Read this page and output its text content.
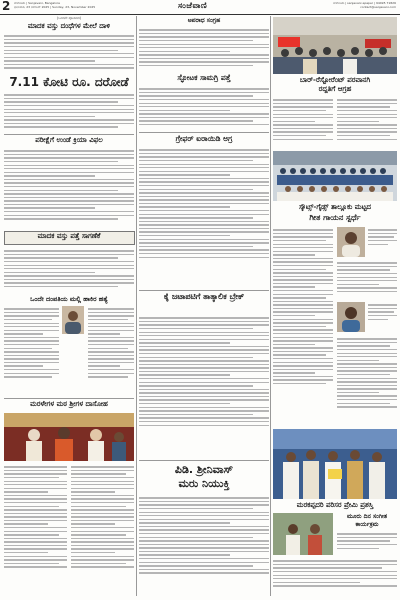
2 ಬೆಂಗಳೂರು | Sanjevani, Bangalore
ಭಾನುವಾರ, 23 ನವೆಂಬರ್ 2025 | Sunday, 23, November 2025	ಸಂಜೆವಾಣಿ	ಬೆಂಗಳೂರು | sanjevani epaper | 94495 71826
contact@sanjevani.com
(ಒಂದನೇ ಪುಟದಿಂದ)
ಮಾದಕ ವಸ್ತು ದಂಧೆಗಳ ಮೇಲೆ ದಾಳಿ
7.11 ಕೋಟಿ ರೂ. ದರೋಡೆ
ಪರೀಕ್ಷೆಗೆ ಉಂಡೆ ಕ್ರಿಯಾ ವಿಫಲ
ಮಾದಕ ವಸ್ತು ಪತ್ತೆ ಸಾಗಣೆಕೆ
ಒಂದೇ ದಂಪತಿಯ ಮಲ್ಲಿ ಹಾಕಿರ ಹತ್ಯೆ
ಮರಳೇಗಳ ಮಠ ಶ್ರೀಗಳ ದಾಸೋಹ
ಅಪರಾಧ ಸಂಗ್ರಹ
ಸ್ಫೋಟಕ ಸಾಮಗ್ರಿ ಪತ್ತೆ
ಗ್ರೇಫರ್ ಐರಾಯಿಡಿ ಅಗ್ರ
ಕೈ ಜಟಾಪಟಿಗೆ ತಾತ್ಕಾಲಿಕ ಬ್ರೇಕ್
ಪಿಡಿ. ಶ್ರೀನಿವಾಸ್
ಮರು ನಿಯುಕ್ತಿ
ಬಾರ್-ರೆಸ್ಟೋರೆಂಟ್ ಪರವಾನಗಿ
ರದ್ದತಿಗೆ ಆಗ್ರಹ
ಸ್ಕೌಟ್ಸ್-ಗೈಡ್ಸ್ ತಾಲ್ಲೂಕು ಮಟ್ಟದ
ಗೀತ ಗಾಯನ ಸ್ಪರ್ಧೆ
ಮರಕಪ್ಪದರಿ ಪರಿಸರ ಪ್ರೇಮಿ ಪ್ರಶಸ್ತಿ
ಮೂರು ದಿನ ಸಂಗೀತ
ಕಾರ್ಯಕ್ರಮ
